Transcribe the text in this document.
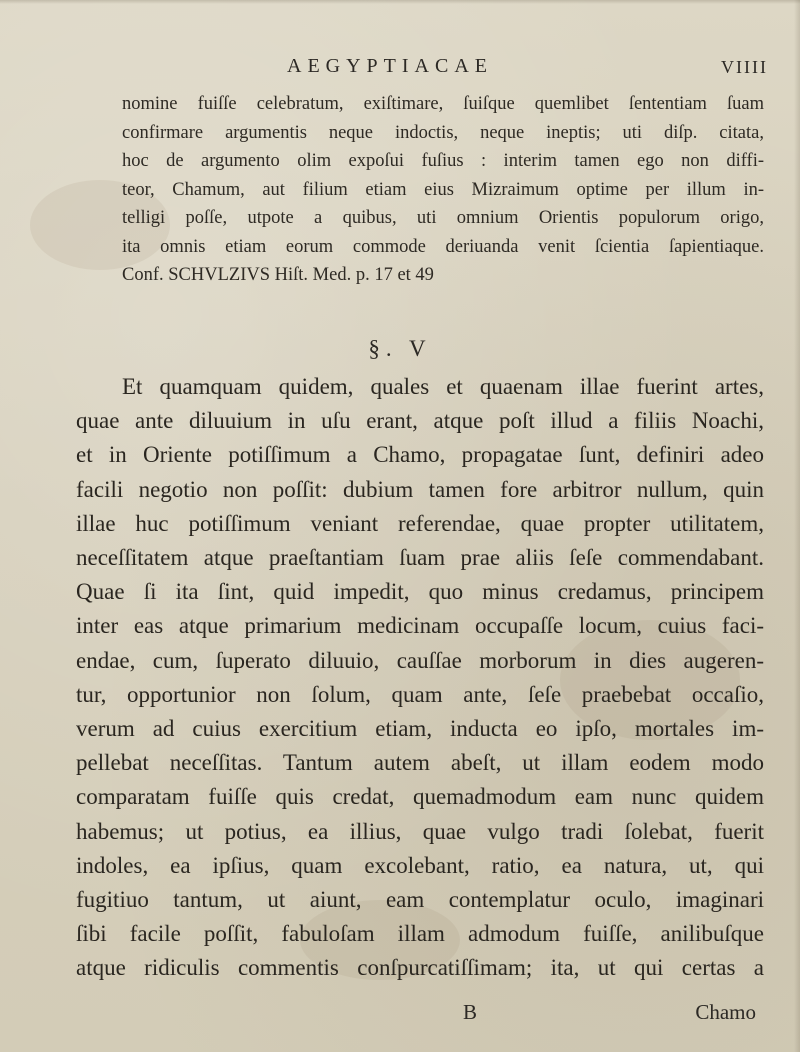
AEGYPTIACAE	VIIII
nomine fuiſſe celebratum, exiſtimare, ſuiſque quemlibet ſententiam ſuam
confirmare argumentis neque indoctis, neque ineptis; uti diſp. citata,
hoc de argumento olim expoſui fuſius : interim tamen ego non diffi-
teor, Chamum, aut filium etiam eius Mizraimum optime per illum in-
telligi poſſe, utpote a quibus, uti omnium Orientis populorum origo,
ita omnis etiam eorum commode deriuanda venit ſcientia ſapientiaque.
Conf. SCHVLZIVS Hiſt. Med. p. 17 et 49
§. V
Et quamquam quidem, quales et quaenam illae fuerint artes,
quae ante diluuium in uſu erant, atque poſt illud a filiis Noachi,
et in Oriente potiſſimum a Chamo, propagatae ſunt, definiri adeo
facili negotio non poſſit: dubium tamen fore arbitror nullum, quin
illae huc potiſſimum veniant referendae, quae propter utilitatem,
neceſſitatem atque praeſtantiam ſuam prae aliis ſeſe commendabant.
Quae ſi ita ſint, quid impedit, quo minus credamus, principem
inter eas atque primarium medicinam occupaſſe locum, cuius faci-
endae, cum, ſuperato diluuio, cauſſae morborum in dies augeren-
tur, opportunior non ſolum, quam ante, ſeſe praebebat occaſio,
verum ad cuius exercitium etiam, inducta eo ipſo, mortales im-
pellebat neceſſitas. Tantum autem abeſt, ut illam eodem modo
comparatam fuiſſe quis credat, quemadmodum eam nunc quidem
habemus; ut potius, ea illius, quae vulgo tradi ſolebat, fuerit
indoles, ea ipſius, quam excolebant, ratio, ea natura, ut, qui
fugitiuo tantum, ut aiunt, eam contemplatur oculo, imaginari
ſibi facile poſſit, fabuloſam illam admodum fuiſſe, anilibuſque
atque ridiculis commentis conſpurcatiſſimam; ita, ut qui certas a
B	Chamo
